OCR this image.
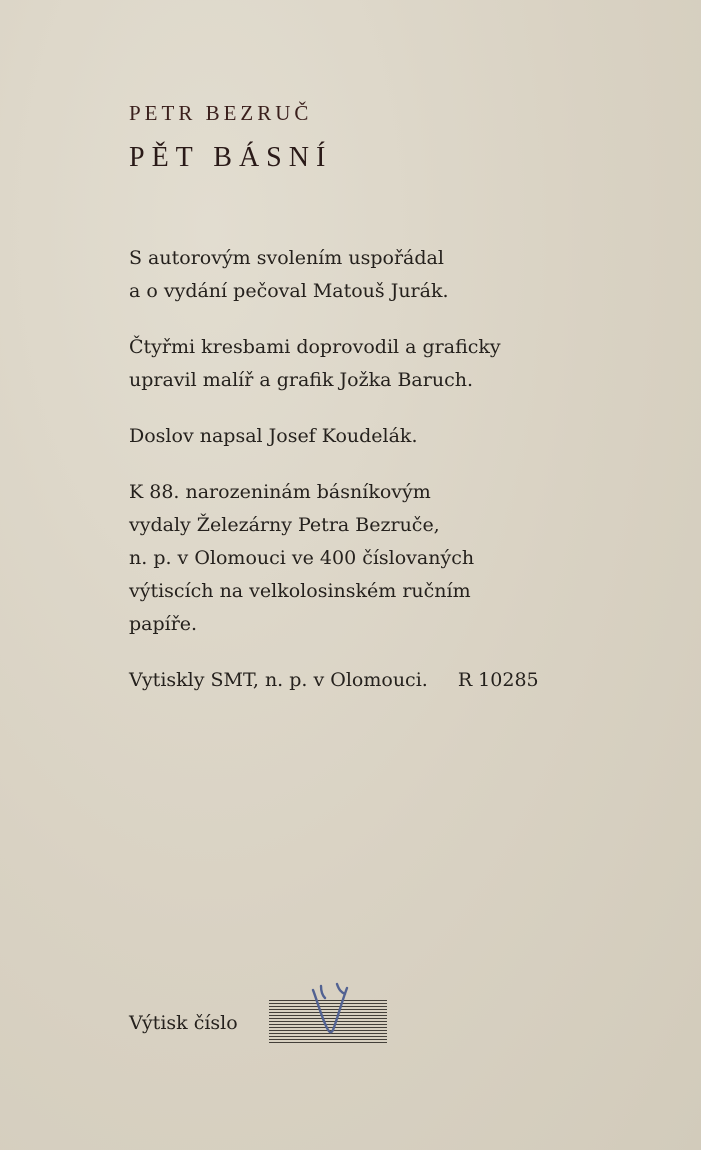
PETR BEZRUČ
PĚT BÁSNÍ
S autorovým svolením uspořádal
a o vydání pečoval Matouš Jurák.
Čtyřmi kresbami doprovodil a graficky
upravil malíř a grafik Jožka Baruch.
Doslov napsal Josef Koudelák.
K 88. narozeninám básníkovým
vydaly Železárny Petra Bezruče,
n. p. v Olomouci ve 400 číslovaných
výtiscích na velkolosinském ručním
papíře.
Vytiskly SMT, n. p. v Olomouci. R 10285
Výtisk číslo
